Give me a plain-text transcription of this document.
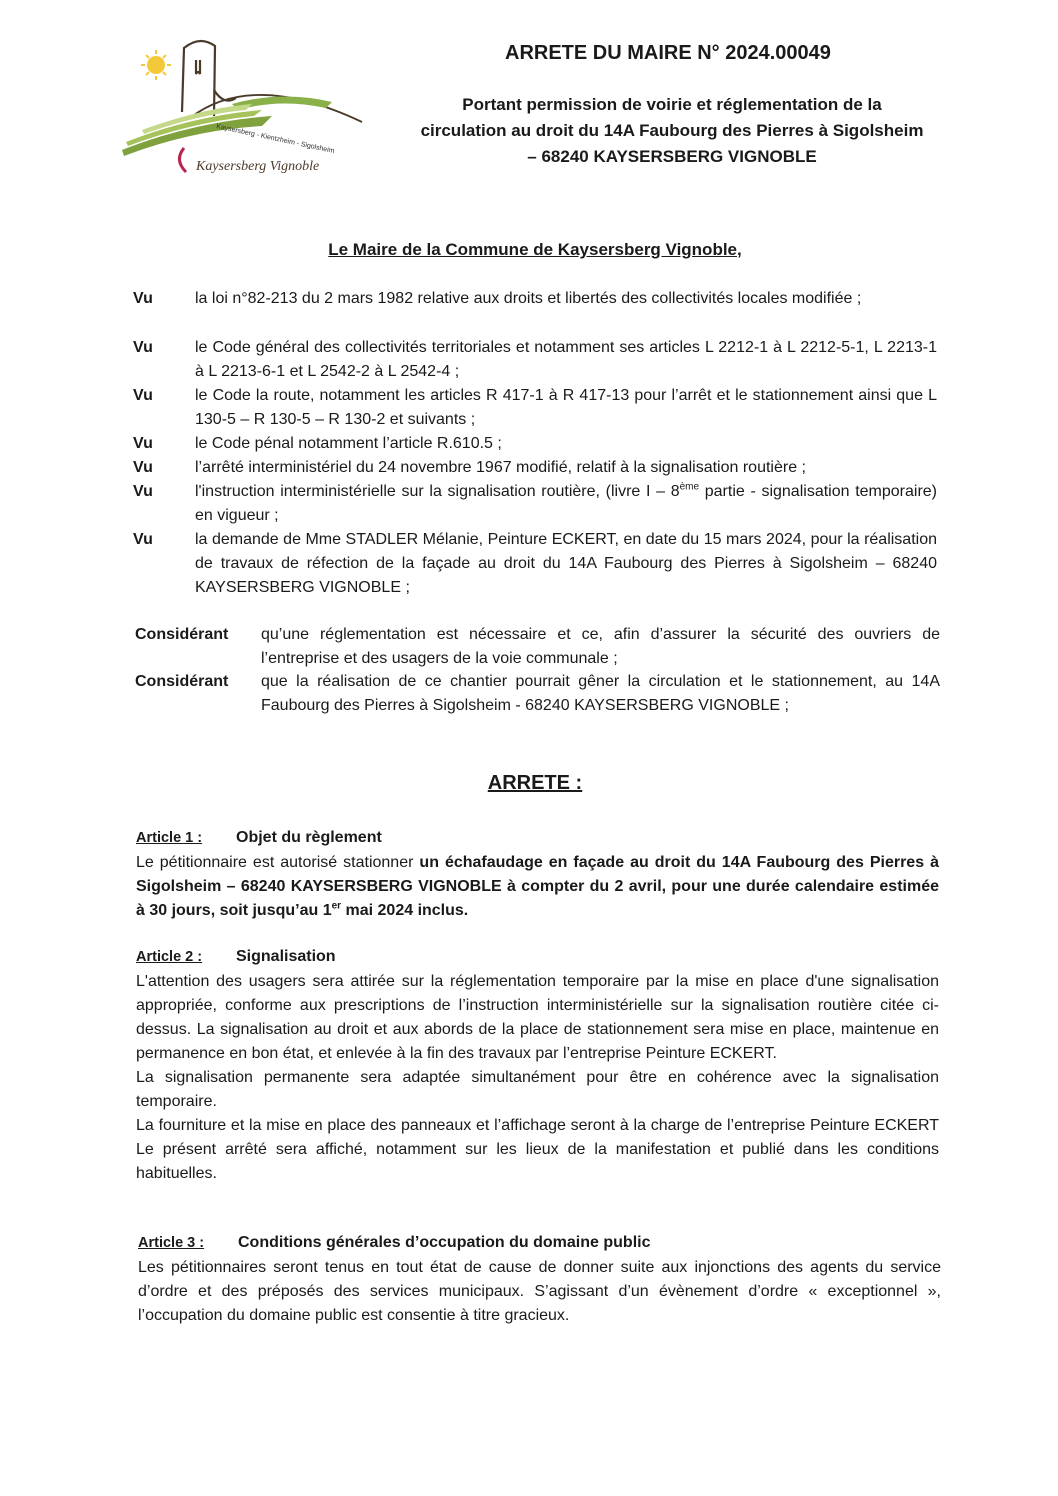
Kaysersberg - Kientzheim - Sigolsheim
Kaysersberg Vignoble
ARRETE DU MAIRE N° 2024.00049
Portant permission de voirie et réglementation de la
circulation au droit du 14A Faubourg des Pierres à Sigolsheim
– 68240 KAYSERSBERG VIGNOBLE
Le Maire de la Commune de Kaysersberg Vignoble,
Vu	la loi n°82-213 du 2 mars 1982 relative aux droits et libertés des collectivités locales modifiée ;
Vu	le Code général des collectivités territoriales et notamment ses articles L 2212-1 à L 2212-5-1, L 2213-1 à L 2213-6-1 et L 2542-2 à L 2542-4 ;
Vu	le Code la route, notamment les articles R 417-1 à R 417-13 pour l’arrêt et le stationnement ainsi que L 130-5 – R 130-5 – R 130-2 et suivants ;
Vu	le Code pénal notamment l’article R.610.5 ;
Vu	l’arrêté interministériel du 24 novembre 1967 modifié, relatif à la signalisation routière ;
Vu	l'instruction interministérielle sur la signalisation routière, (livre I – 8ème partie - signalisation temporaire) en vigueur ;
Vu	la demande de Mme STADLER Mélanie, Peinture ECKERT, en date du 15 mars 2024, pour la réalisation de travaux de réfection de la façade au droit du 14A Faubourg des Pierres à Sigolsheim – 68240 KAYSERSBERG VIGNOBLE ;
Considérant qu’une réglementation est nécessaire et ce, afin d’assurer la sécurité des ouvriers de l’entreprise et des usagers de la voie communale ;
Considérant que la réalisation de ce chantier pourrait gêner la circulation et le stationnement, au 14A Faubourg des Pierres à Sigolsheim - 68240 KAYSERSBERG VIGNOBLE ;
ARRETE :
Article 1 : Objet du règlement

Le pétitionnaire est autorisé stationner un échafaudage en façade au droit du 14A Faubourg des Pierres à Sigolsheim – 68240 KAYSERSBERG VIGNOBLE à compter du 2 avril, pour une durée calendaire estimée à 30 jours, soit jusqu’au 1er mai 2024 inclus.

Article 2 : Signalisation

L'attention des usagers sera attirée sur la réglementation temporaire par la mise en place d'une signalisation appropriée, conforme aux prescriptions de l’instruction interministérielle sur la signalisation routière citée ci-dessus. La signalisation au droit et aux abords de la place de stationnement sera mise en place, maintenue en permanence en bon état, et enlevée à la fin des travaux par l’entreprise Peinture ECKERT.

La signalisation permanente sera adaptée simultanément pour être en cohérence avec la signalisation temporaire.

La fourniture et la mise en place des panneaux et l’affichage seront à la charge de l’entreprise Peinture ECKERT Le présent arrêté sera affiché, notamment sur les lieux de la manifestation et publié dans les conditions habituelles.

Article 3 : Conditions générales d’occupation du domaine public

Les pétitionnaires seront tenus en tout état de cause de donner suite aux injonctions des agents du service d’ordre et des préposés des services municipaux. S’agissant d’un évènement d’ordre « exceptionnel », l’occupation du domaine public est consentie à titre gracieux.
